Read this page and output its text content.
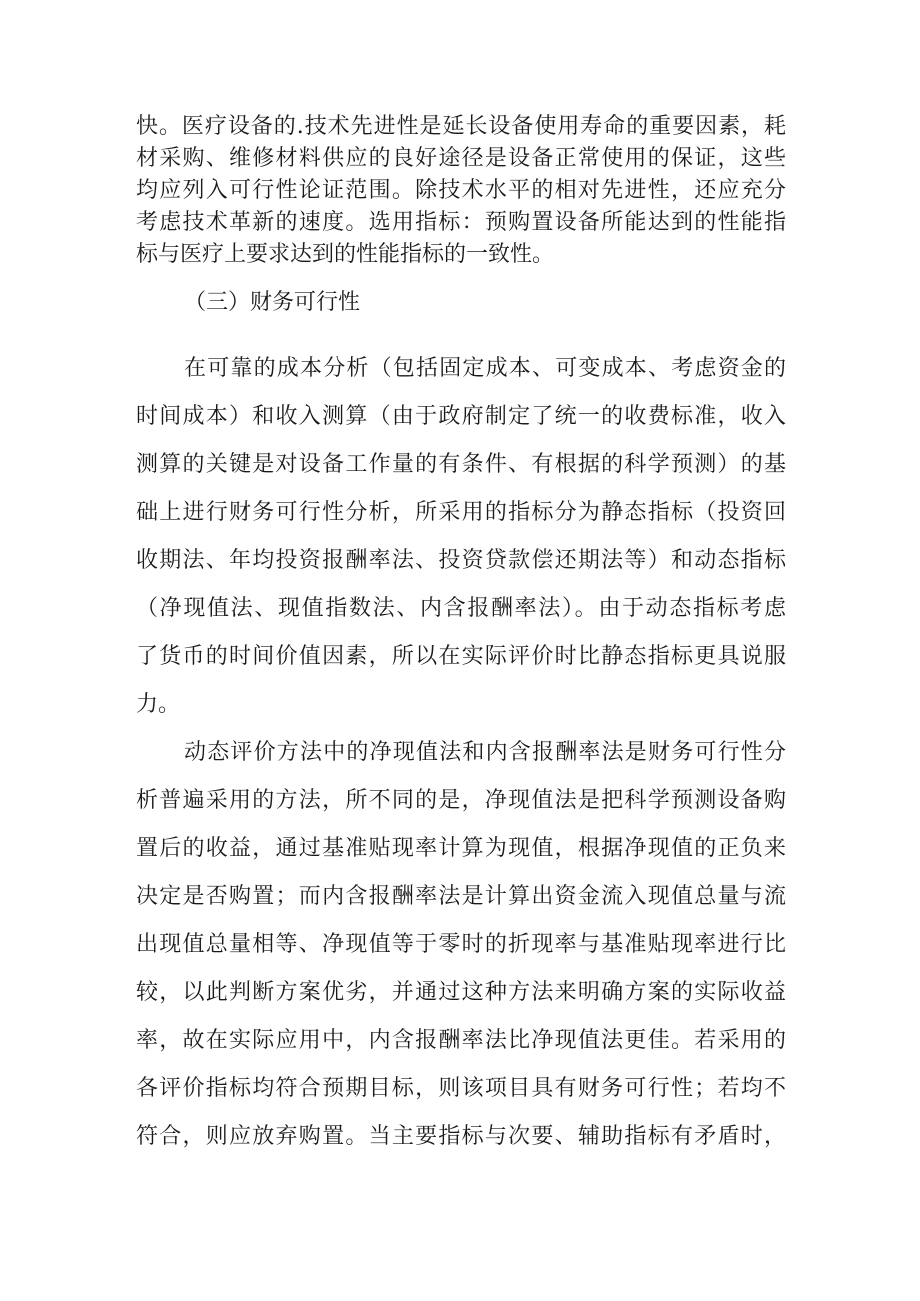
快。医疗设备的.技术先进性是延长设备使用寿命的重要因素，耗
材采购、维修材料供应的良好途径是设备正常使用的保证，这些
均应列入可行性论证范围。除技术水平的相对先进性，还应充分
考虑技术革新的速度。选用指标：预购置设备所能达到的性能指
标与医疗上要求达到的性能指标的一致性。
（三）财务可行性
在可靠的成本分析（包括固定成本、可变成本、考虑资金的
时间成本）和收入测算（由于政府制定了统一的收费标准，收入
测算的关键是对设备工作量的有条件、有根据的科学预测）的基
础上进行财务可行性分析，所采用的指标分为静态指标（投资回
收期法、年均投资报酬率法、投资贷款偿还期法等）和动态指标
（净现值法、现值指数法、内含报酬率法）。由于动态指标考虑
了货币的时间价值因素，所以在实际评价时比静态指标更具说服
力。
动态评价方法中的净现值法和内含报酬率法是财务可行性分
析普遍采用的方法，所不同的是，净现值法是把科学预测设备购
置后的收益，通过基准贴现率计算为现值，根据净现值的正负来
决定是否购置；而内含报酬率法是计算出资金流入现值总量与流
出现值总量相等、净现值等于零时的折现率与基准贴现率进行比
较，以此判断方案优劣，并通过这种方法来明确方案的实际收益
率，故在实际应用中，内含报酬率法比净现值法更佳。若采用的
各评价指标均符合预期目标，则该项目具有财务可行性；若均不
符合，则应放弃购置。当主要指标与次要、辅助指标有矛盾时，
